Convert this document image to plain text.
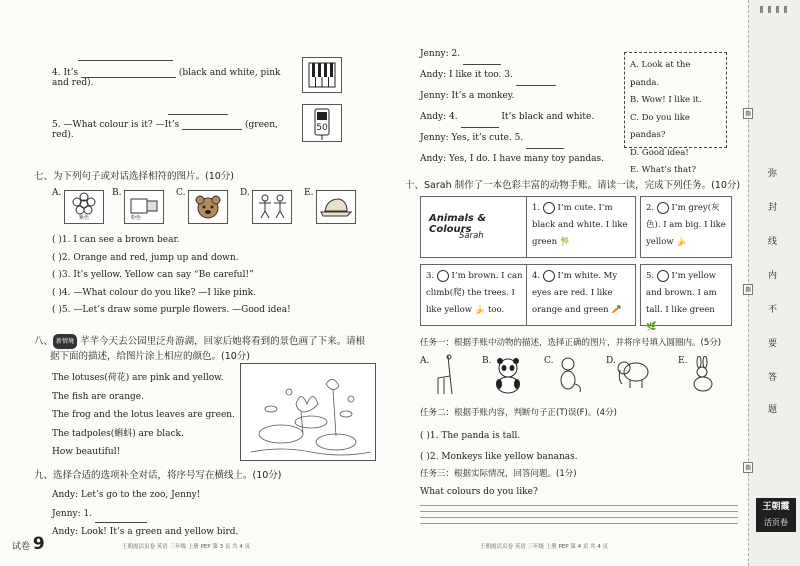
4. It’s	(black and white, pink and red).
5. —What colour is it? —It’s	(green, red).
50
七、为下列句子或对话选择相符的图片。(10分)
A.
紫色
B.
粉色
C.	D.	E.
( )1. I can see a brown bear.
( )2. Orange and red, jump up and down.
( )3. It’s yellow. Yellow can say “Be careful!”
( )4. —What colour do you like? —I like pink.
( )5. —Let’s draw some purple flowers. —Good idea!
八、 新情境 芊芊今天去公园里泛舟游湖，回家后她将看到的景色画了下来。请根
据下面的描述，给图片涂上相应的颜色。(10分)
The lotuses(荷花) are pink and yellow.
The fish are orange.
The frog and the lotus leaves are green.
The tadpoles(蝌蚪) are black.
How beautiful!
九、选择合适的选项补全对话，将序号写在横线上。(10分)
Andy: Let’s go to the zoo, Jenny!
Jenny: 1.
Andy: Look! It’s a green and yellow bird.
试卷 9	王朝霞活页卷 英语 三年级 上册 PEP 第 3 页 共 4 页
Jenny: 2.
Andy: I like it too. 3.
Jenny: It’s a monkey.
Andy: 4.	It’s black and white.
Jenny: Yes, it’s cute. 5.
Andy: Yes, I do. I have many toy pandas.
A. Look at the panda.
B. Wow! I like it.
C. Do you like pandas?
D. Good idea!
E. What’s that?
十、Sarah 制作了一本色彩丰富的动物手账。请读一读，完成下列任务。(10分)
Animals & Colours
Sarah
1. I’m cute. I’m black and white. I like green 🎋
2. I’m grey(灰色). I am big. I like yellow 🍌
3. I’m brown. I can climb(爬) the trees. I like yellow 🍌 too.
4. I’m white. My eyes are red. I like orange and green 🥕
5. I’m yellow and brown. I am tall. I like green 🌿
任务一：根据手账中动物的描述，选择正确的图片，并将序号填入圆圈内。(5分)
A.	B.	C.	D.	E.
任务二：根据手账内容，判断句子正(T)误(F)。(4分)
( )1. The panda is tall.
( )2. Monkeys like yellow bananas.
任务三：根据实际情况，回答问题。(1分)
What colours do you like?
王朝霞活页卷 英语 三年级 上册 PEP 第 4 页 共 4 页
撕
撕
撕
弥
封
线
内
不
要
答
题
王朝霞
活页卷
